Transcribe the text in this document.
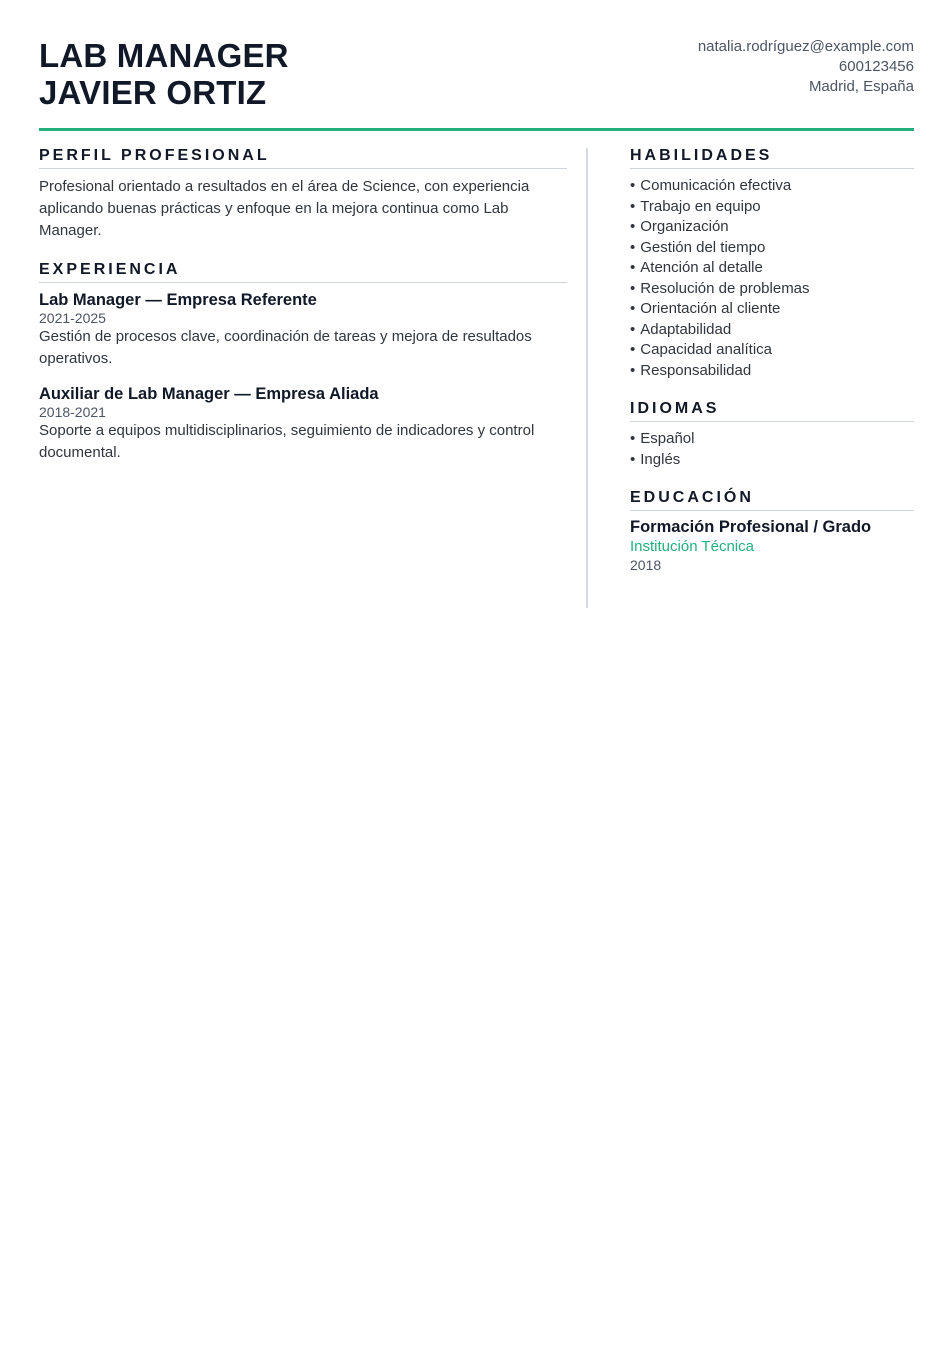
LAB MANAGER
JAVIER ORTIZ
natalia.rodríguez@example.com
600123456
Madrid, España
PERFIL PROFESIONAL

Profesional orientado a resultados en el área de Science, con experiencia aplicando buenas prácticas y enfoque en la mejora continua como Lab Manager.

EXPERIENCIA
Lab Manager — Empresa Referente
2021-2025
Gestión de procesos clave, coordinación de tareas y mejora de resultados operativos.
Auxiliar de Lab Manager — Empresa Aliada
2018-2021
Soporte a equipos multidisciplinarios, seguimiento de indicadores y control documental.
HABILIDADES
• Comunicación efectiva
• Trabajo en equipo
• Organización
• Gestión del tiempo
• Atención al detalle
• Resolución de problemas
• Orientación al cliente
• Adaptabilidad
• Capacidad analítica
• Responsabilidad
IDIOMAS
• Español
• Inglés
EDUCACIÓN
Formación Profesional / Grado
Institución Técnica
2018
